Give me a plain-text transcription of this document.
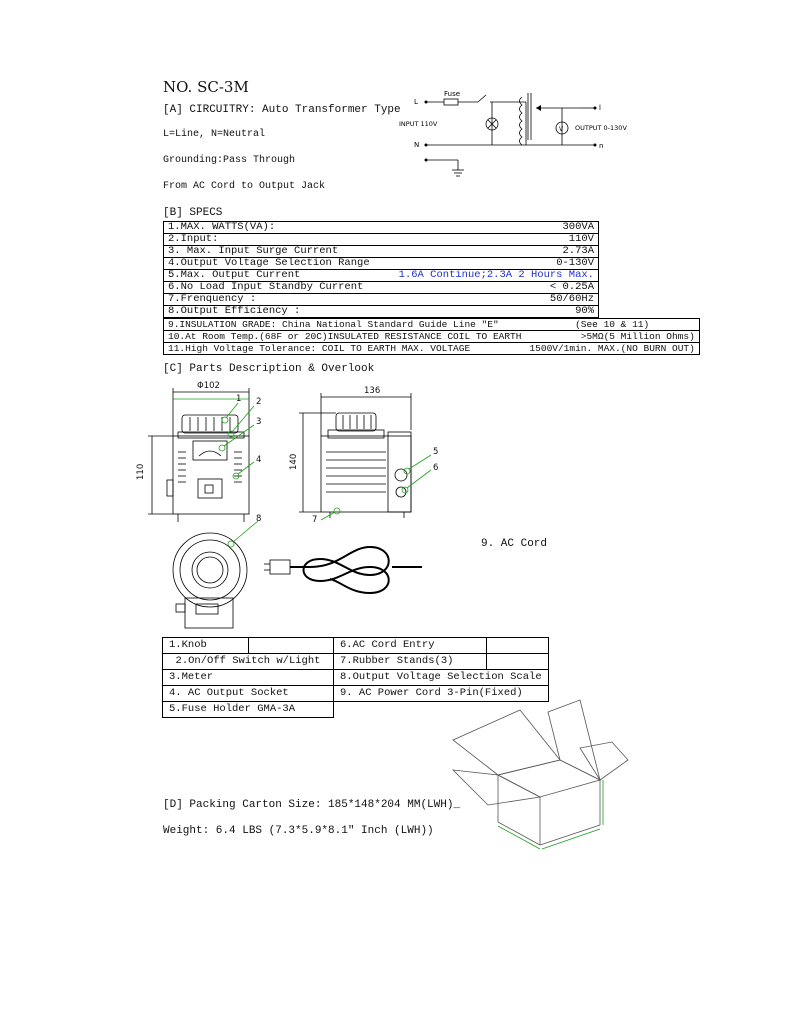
NO. SC-3M
[A] CIRCUITRY: Auto Transformer Type
L=Line, N=Neutral
Grounding:Pass Through
From AC Cord to Output Jack
Fuse
L
N
l
n
INPUT 110V	OUTPUT 0-130V
V
[B] SPECS
1.MAX. WATTS(VA):	300VA
2.Input:	110V
3. Max. Input Surge Current	2.73A
4.Output Voltage Selection Range	0-130V
5.Max. Output Current	1.6A Continue;2.3A 2 Hours Max.
6.No Load Input Standby Current	< 0.25A
7.Frenquency :	50/60Hz
8.Output Efficiency :	90%
9.INSULATION GRADE: China National Standard Guide Line "E"	(See 10 & 11)
10.At Room Temp.(68F or 20C)INSULATED RESISTANCE COIL TO EARTH	>5MΩ(5 Million Ohms)
11.High Voltage Tolerance: COIL TO EARTH MAX. VOLTAGE	1500V/1min. MAX.(NO BURN OUT)
[C] Parts Description & Overlook
Φ102
110
136
140
1 2
3
4
5
6
7
8
9. AC Cord
1.Knob		6.AC Cord Entry	
2.On/Off Switch w/Light		7.Rubber Stands(3)	
3.Meter		8.Output Voltage Selection Scale	
4. AC Output Socket		9. AC Power Cord 3-Pin(Fixed)	
5.Fuse Holder GMA-3A			
[D] Packing Carton Size: 185*148*204 MM(LWH)_
Weight: 6.4 LBS (7.3*5.9*8.1" Inch (LWH))
